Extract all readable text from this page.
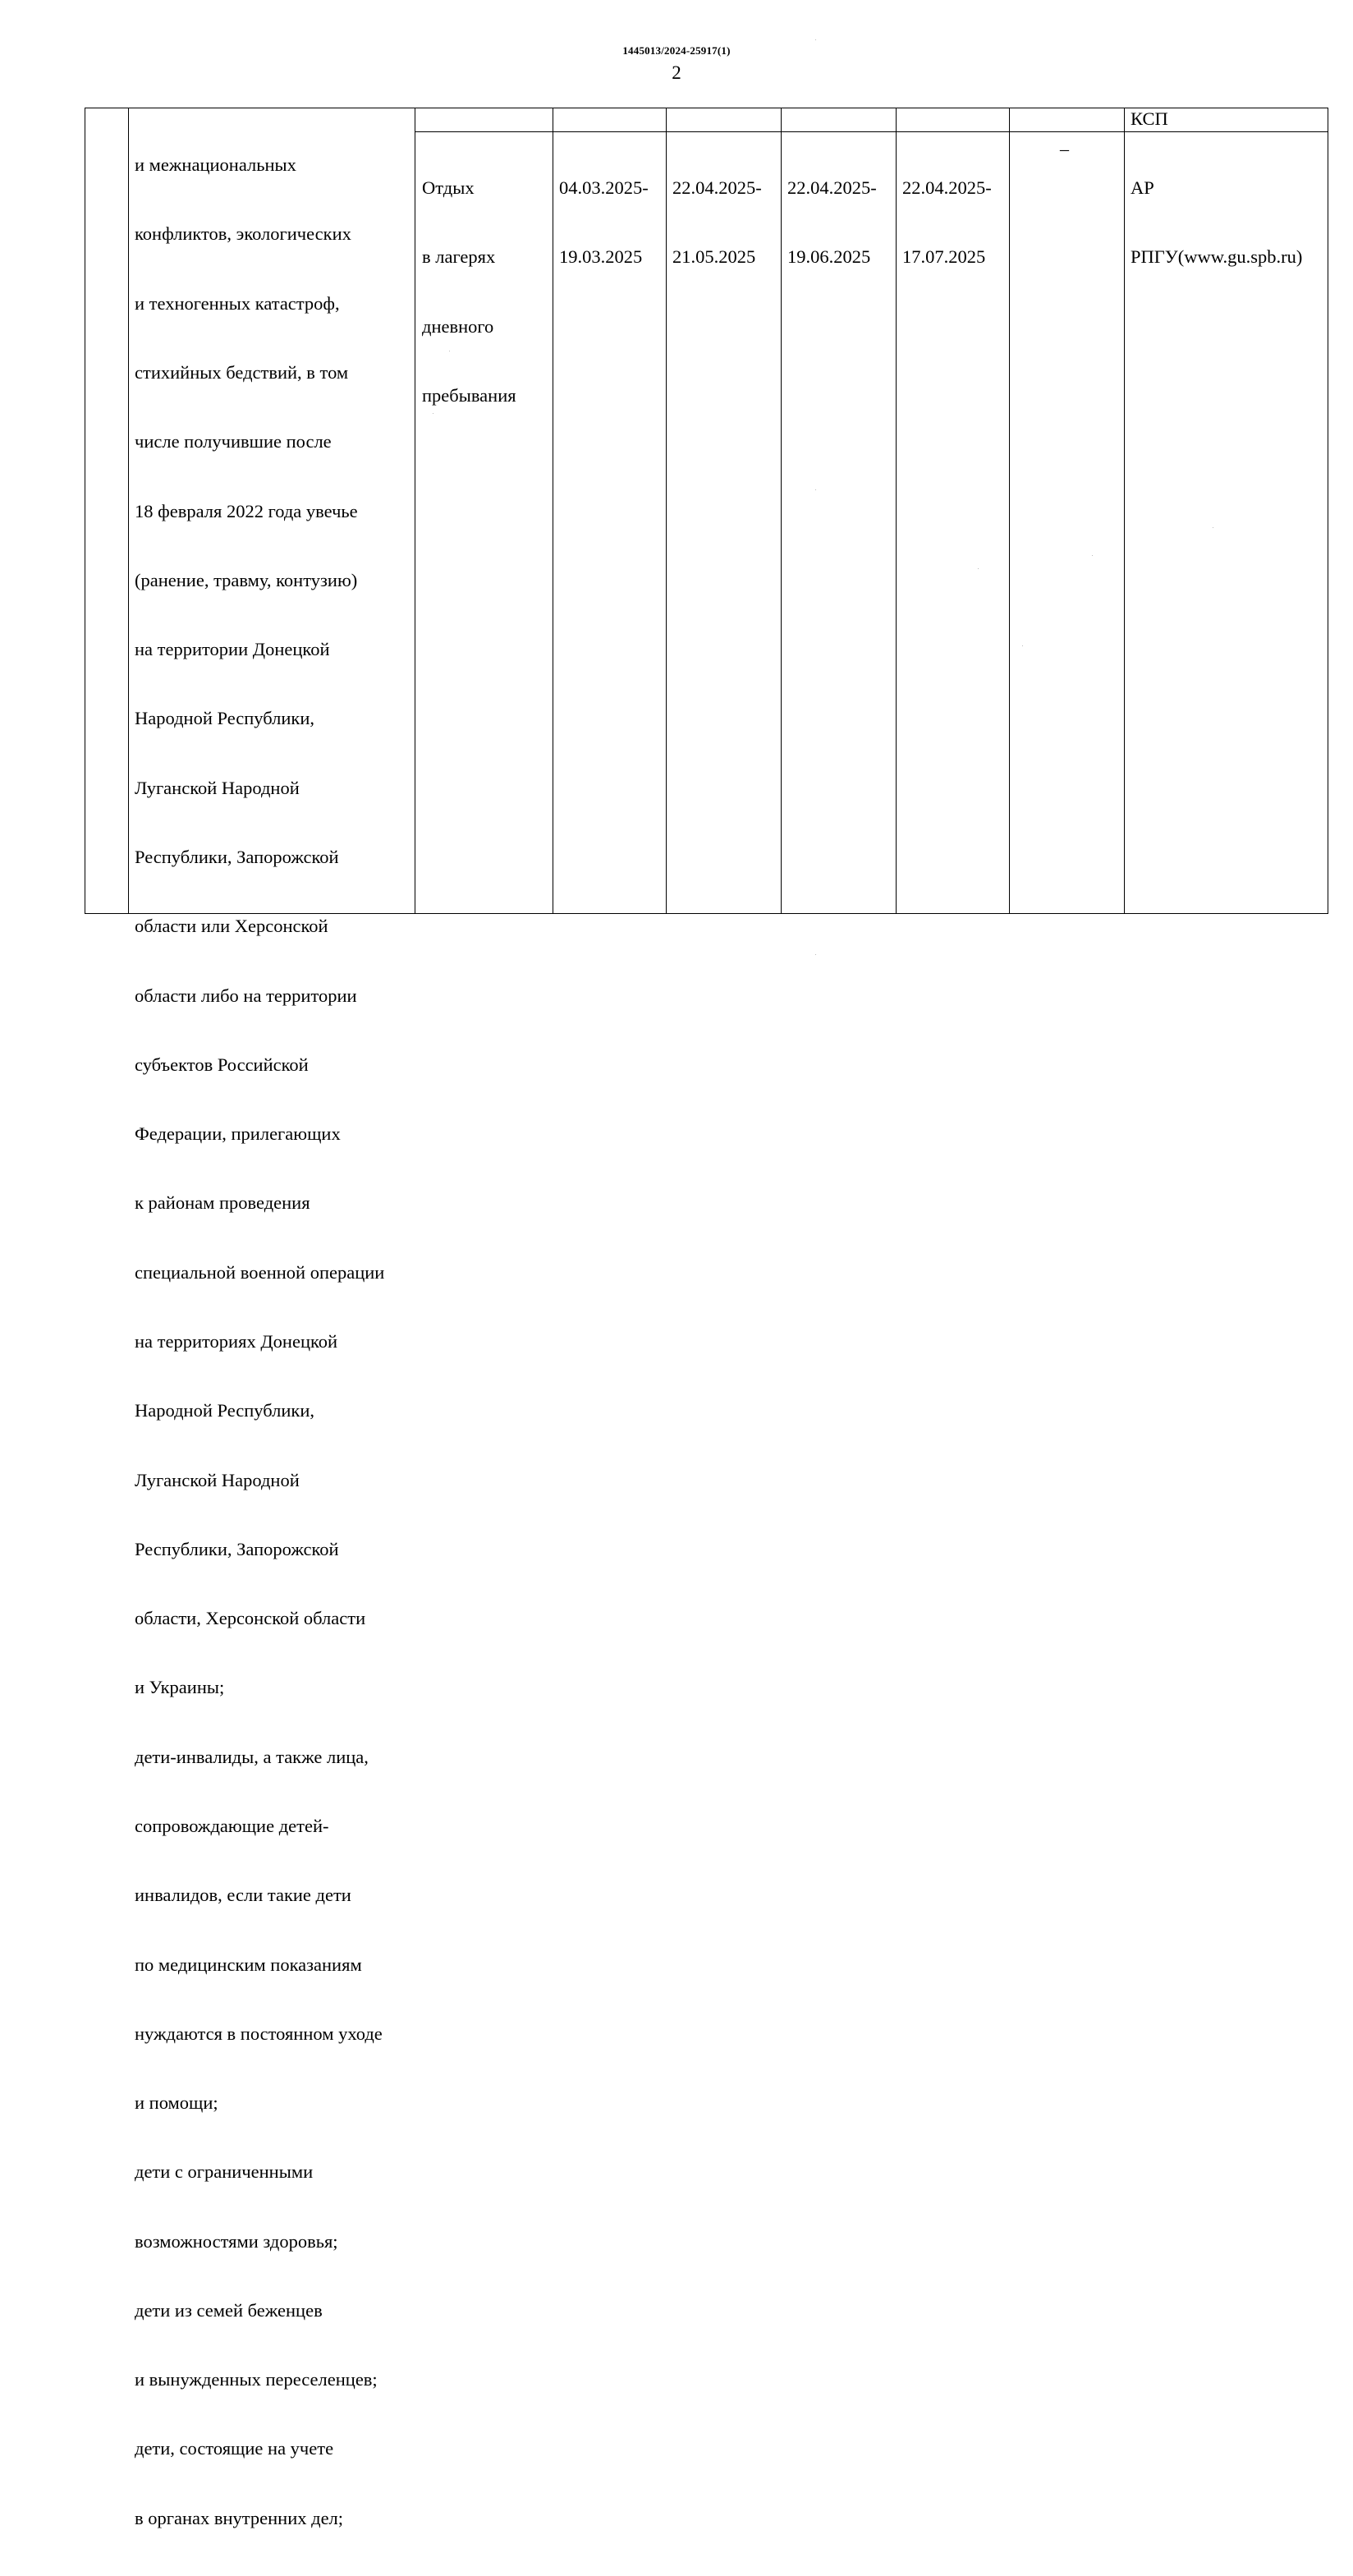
1445013/2024-25917(1)
2
КСП

и межнациональных

конфликтов, экологических

и техногенных катастроф,

стихийных бедствий, в том

числе получившие после

18 февраля 2022 года увечье

(ранение, травму, контузию)

на территории Донецкой

Народной Республики,

Луганской Народной

Республики, Запорожской

области или Херсонской

области либо на территории

субъектов Российской

Федерации, прилегающих

к районам проведения

специальной военной операции

на территориях Донецкой

Народной Республики,

Луганской Народной

Республики, Запорожской

области, Херсонской области

и Украины;

дети-инвалиды, а также лица,

сопровождающие детей-

инвалидов, если такие дети

по медицинским показаниям

нуждаются в постоянном уходе

и помощи;

дети с ограниченными

возможностями здоровья;

дети из семей беженцев

и вынужденных переселенцев;

дети, состоящие на учете

в органах внутренних дел;

Отдых

в лагерях

дневного

пребывания

04.03.2025-

19.03.2025

22.04.2025-

21.05.2025

22.04.2025-

19.06.2025

22.04.2025-

17.07.2025

_

АР

РПГУ(www.gu.spb.ru)
